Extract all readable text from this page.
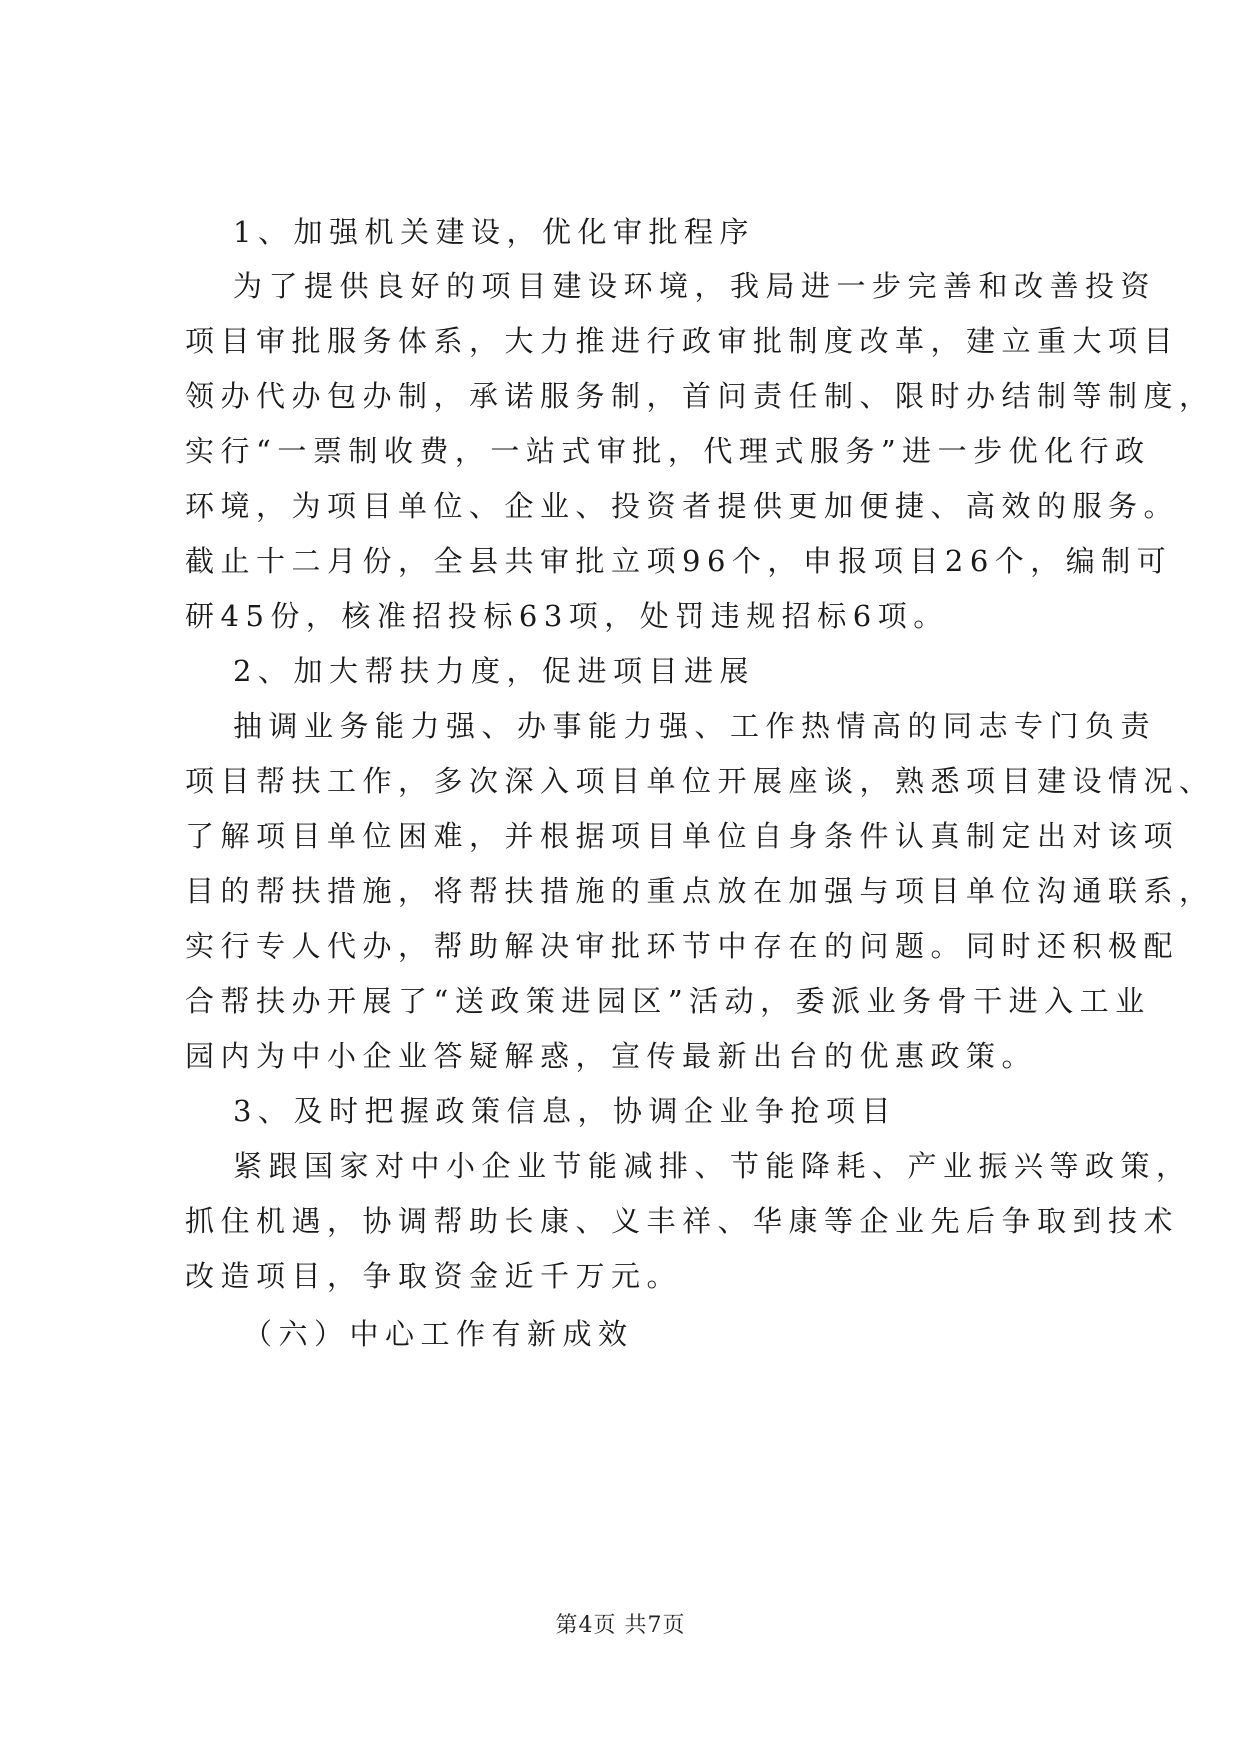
1、加强机关建设，优化审批程序
为了提供良好的项目建设环境，我局进一步完善和改善投资
项目审批服务体系，大力推进行政审批制度改革，建立重大项目
领办代办包办制，承诺服务制，首问责任制、限时办结制等制度，
实行“一票制收费，一站式审批，代理式服务”进一步优化行政
环境，为项目单位、企业、投资者提供更加便捷、高效的服务。
截止十二月份，全县共审批立项96个，申报项目26个，编制可
研45份，核准招投标63项，处罚违规招标6项。
2、加大帮扶力度，促进项目进展
抽调业务能力强、办事能力强、工作热情高的同志专门负责
项目帮扶工作，多次深入项目单位开展座谈，熟悉项目建设情况、
了解项目单位困难，并根据项目单位自身条件认真制定出对该项
目的帮扶措施，将帮扶措施的重点放在加强与项目单位沟通联系，
实行专人代办，帮助解决审批环节中存在的问题。同时还积极配
合帮扶办开展了“送政策进园区”活动，委派业务骨干进入工业
园内为中小企业答疑解惑，宣传最新出台的优惠政策。
3、及时把握政策信息，协调企业争抢项目
紧跟国家对中小企业节能减排、节能降耗、产业振兴等政策，
抓住机遇，协调帮助长康、义丰祥、华康等企业先后争取到技术
改造项目，争取资金近千万元。
（六）中心工作有新成效
第4页 共7页
